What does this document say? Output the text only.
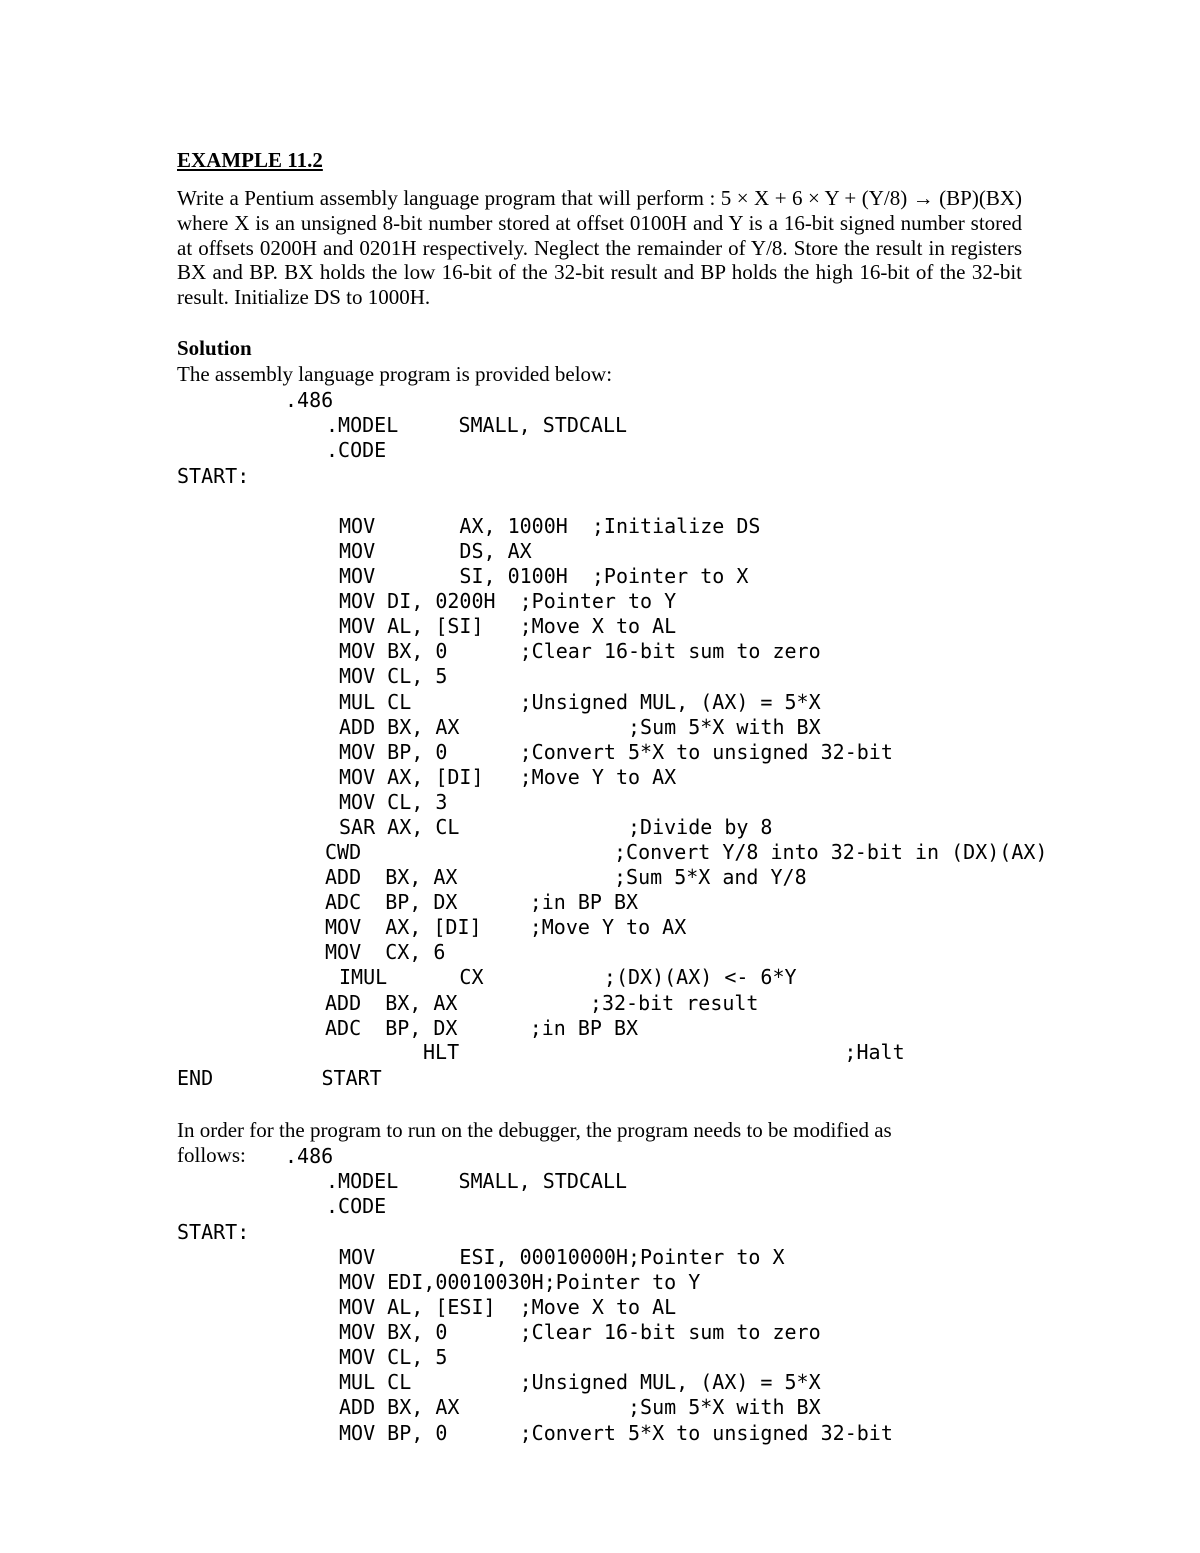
EXAMPLE 11.2
Write a Pentium assembly language program that will perform : 5 × X + 6 × Y + (Y/8) → (BP)(BX) where X is an unsigned 8-bit number stored at offset 0100H and Y is a 16-bit signed number stored at offsets 0200H and 0201H respectively. Neglect the remainder of Y/8. Store the result in registers BX and BP. BX holds the low 16-bit of the 32-bit result and BP holds the high 16-bit of the 32-bit result. Initialize DS to 1000H.
Solution
The assembly language program is provided below:

.486

.MODEL     SMALL, STDCALL

.CODE

START:

MOV       AX, 1000H  ;Initialize DS

MOV       DS, AX

MOV       SI, 0100H  ;Pointer to X

MOV DI, 0200H  ;Pointer to Y

MOV AL, [SI]   ;Move X to AL

MOV BX, 0      ;Clear 16-bit sum to zero

MOV CL, 5

MUL CL         ;Unsigned MUL, (AX) = 5*X

ADD BX, AX              ;Sum 5*X with BX

MOV BP, 0      ;Convert 5*X to unsigned 32-bit

MOV AX, [DI]   ;Move Y to AX

MOV CL, 3

SAR AX, CL              ;Divide by 8

CWD                     ;Convert Y/8 into 32-bit in (DX)(AX)

ADD  BX, AX             ;Sum 5*X and Y/8

ADC  BP, DX      ;in BP BX

MOV  AX, [DI]    ;Move Y to AX

MOV  CX, 6

IMUL      CX          ;(DX)(AX) <- 6*Y

ADD  BX, AX           ;32-bit result

ADC  BP, DX      ;in BP BX

HLT                                ;Halt

END         START

In order for the program to run on the debugger, the program needs to be modified as
follows:

	.486

.MODEL     SMALL, STDCALL

.CODE

START:

MOV       ESI, 00010000H;Pointer to X

MOV EDI,00010030H;Pointer to Y

MOV AL, [ESI]  ;Move X to AL

MOV BX, 0      ;Clear 16-bit sum to zero

MOV CL, 5

MUL CL         ;Unsigned MUL, (AX) = 5*X

ADD BX, AX              ;Sum 5*X with BX

MOV BP, 0      ;Convert 5*X to unsigned 32-bit
